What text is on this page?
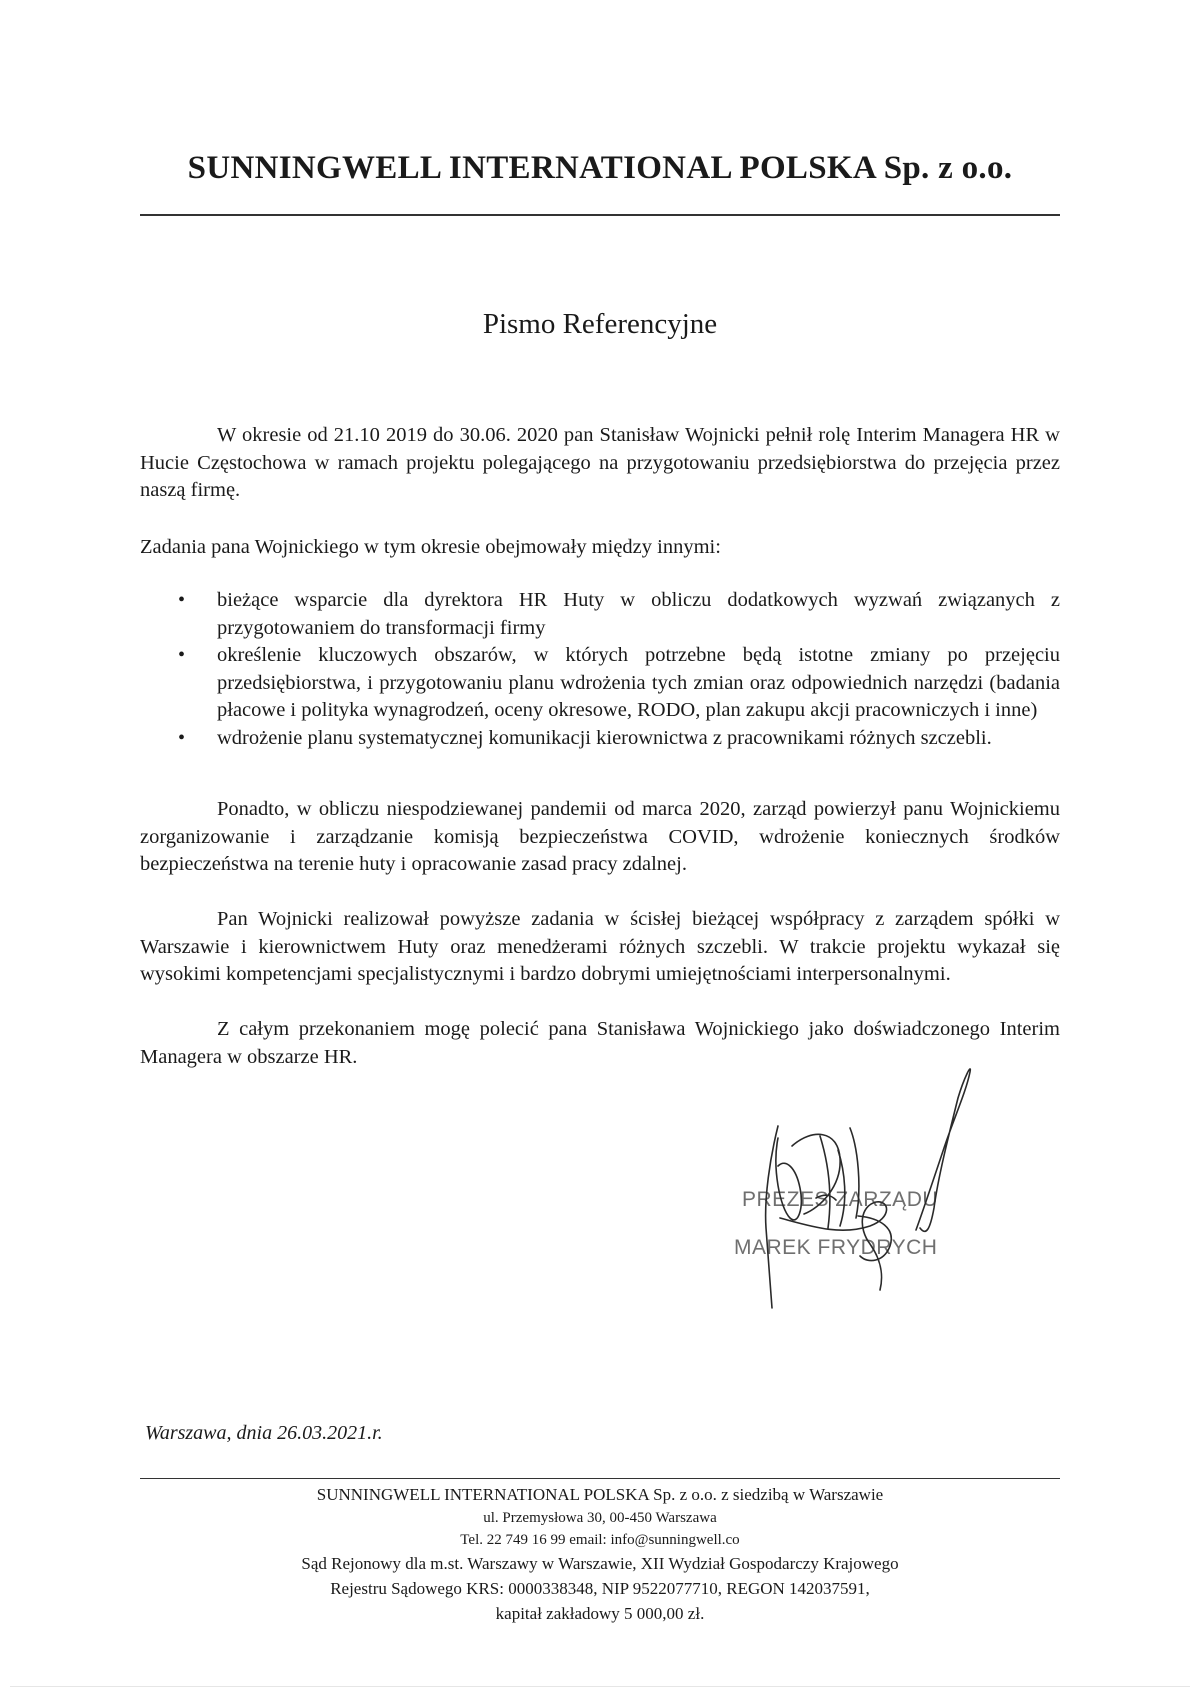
SUNNINGWELL INTERNATIONAL POLSKA Sp. z o.o.
Pismo Referencyjne

W okresie od 21.10 2019 do 30.06. 2020 pan Stanisław Wojnicki pełnił rolę Interim Managera HR w Hucie Częstochowa w ramach projektu polegającego na przygotowaniu przedsiębiorstwa do przejęcia przez naszą firmę.

Zadania pana Wojnickiego w tym okresie obejmowały między innymi:

• bieżące wsparcie dla dyrektora HR Huty w obliczu dodatkowych wyzwań związanych z przygotowaniem do transformacji firmy
• określenie kluczowych obszarów, w których potrzebne będą istotne zmiany po przejęciu przedsiębiorstwa, i przygotowaniu planu wdrożenia tych zmian oraz odpowiednich narzędzi (badania płacowe i polityka wynagrodzeń, oceny okresowe, RODO, plan zakupu akcji pracowniczych i inne)
• wdrożenie planu systematycznej komunikacji kierownictwa z pracownikami różnych szczebli.

Ponadto, w obliczu niespodziewanej pandemii od marca 2020, zarząd powierzył panu Wojnickiemu zorganizowanie i zarządzanie komisją bezpieczeństwa COVID, wdrożenie koniecznych środków bezpieczeństwa na terenie huty i opracowanie zasad pracy zdalnej.

Pan Wojnicki realizował powyższe zadania w ścisłej bieżącej współpracy z zarządem spółki w Warszawie i kierownictwem Huty oraz menedżerami różnych szczebli. W trakcie projektu wykazał się wysokimi kompetencjami specjalistycznymi i bardzo dobrymi umiejętnościami interpersonalnymi.

Z całym przekonaniem mogę polecić pana Stanisława Wojnickiego jako doświadczonego Interim Managera w obszarze HR.

PREZES ZARZĄDU
MAREK FRYDRYCH
Warszawa, dnia 26.03.2021.r.
SUNNINGWELL INTERNATIONAL POLSKA Sp. z o.o. z siedzibą w Warszawie
ul. Przemysłowa 30, 00-450 Warszawa
Tel. 22 749 16 99 email: info@sunningwell.co
Sąd Rejonowy dla m.st. Warszawy w Warszawie, XII Wydział Gospodarczy Krajowego
Rejestru Sądowego KRS: 0000338348, NIP 9522077710, REGON 142037591,
kapitał zakładowy 5 000,00 zł.
